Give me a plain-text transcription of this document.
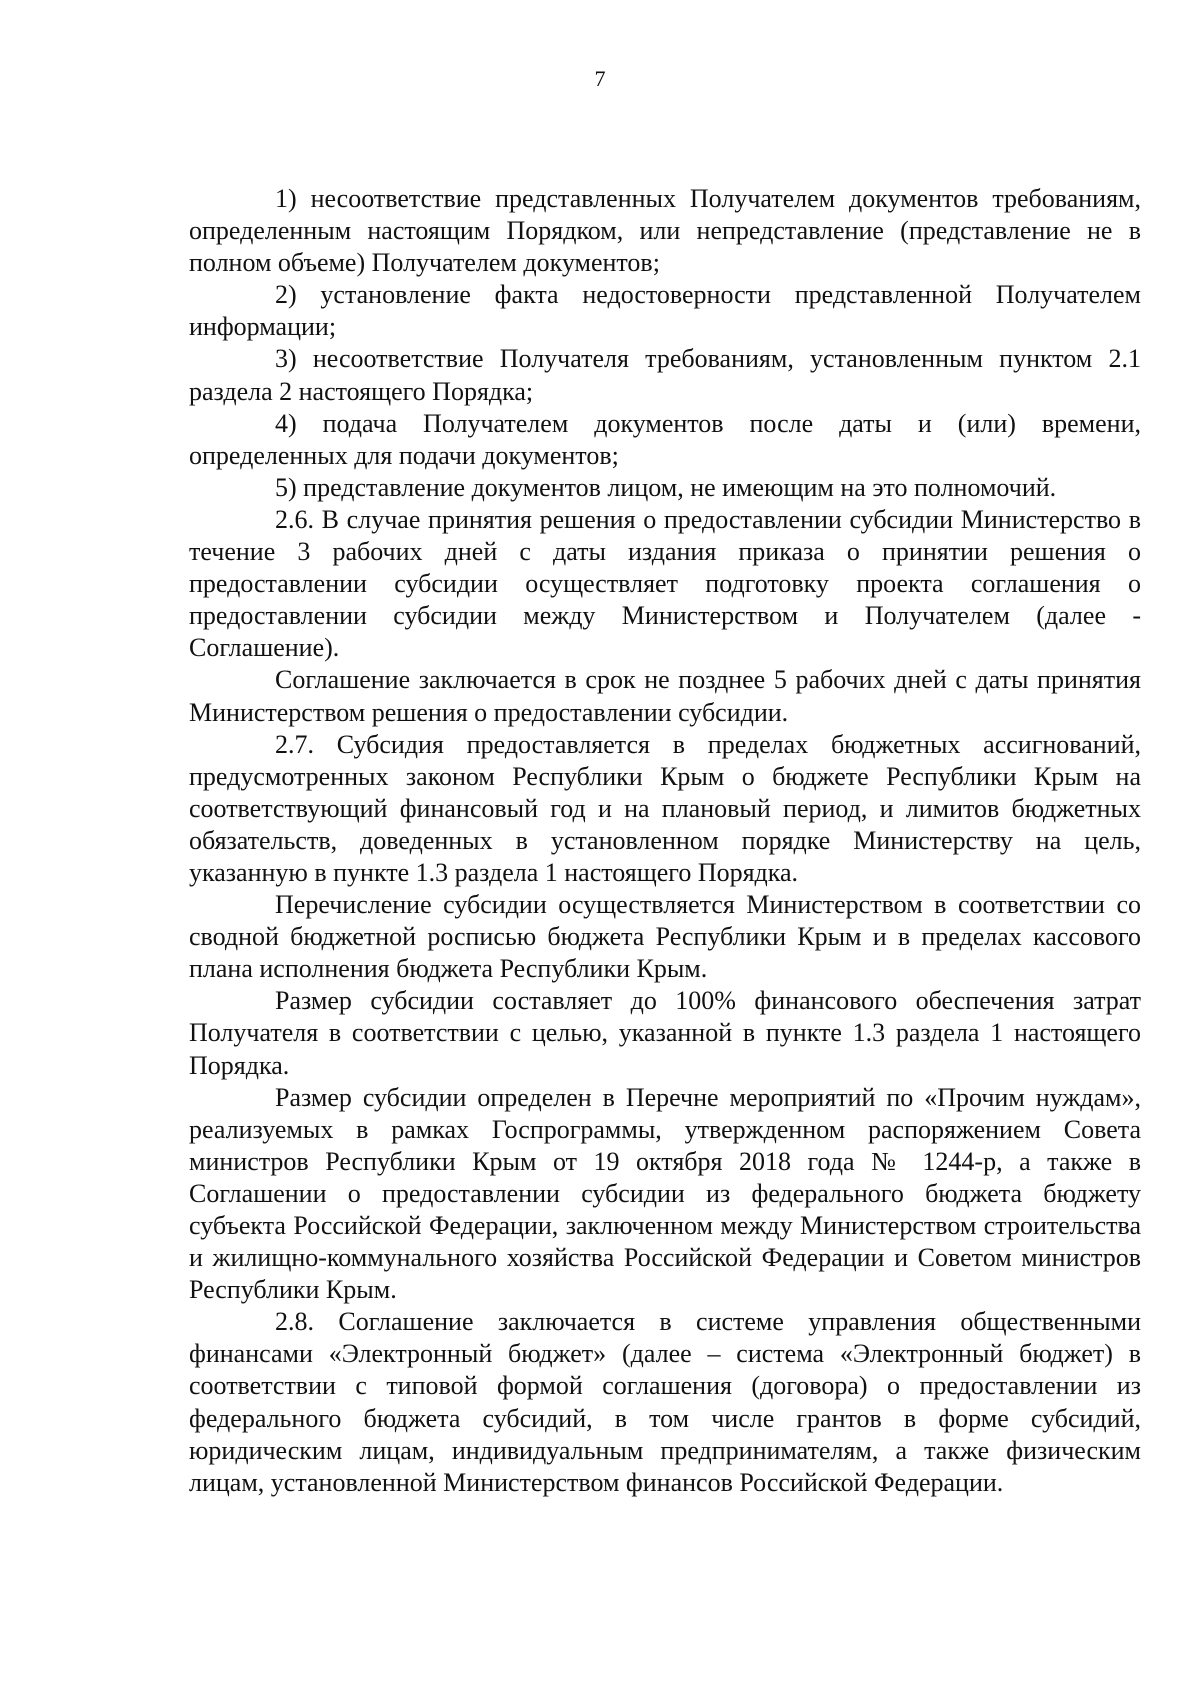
7

1) несоответствие представленных Получателем документов требованиям, определенным настоящим Порядком, или непредставление (представление не в полном объеме) Получателем документов;

2) установление факта недостоверности представленной Получателем информации;

3) несоответствие Получателя требованиям, установленным пунктом 2.1 раздела 2 настоящего Порядка;

4) подача Получателем документов после даты и (или) времени, определенных для подачи документов;

5) представление документов лицом, не имеющим на это полномочий.

2.6. В случае принятия решения о предоставлении субсидии Министерство в течение 3 рабочих дней с даты издания приказа о принятии решения о предоставлении субсидии осуществляет подготовку проекта соглашения о предоставлении субсидии между Министерством и Получателем (далее - Соглашение).

Соглашение заключается в срок не позднее 5 рабочих дней с даты принятия Министерством решения о предоставлении субсидии.

2.7. Субсидия предоставляется в пределах бюджетных ассигнований, предусмотренных законом Республики Крым о бюджете Республики Крым на соответствующий финансовый год и на плановый период, и лимитов бюджетных обязательств, доведенных в установленном порядке Министерству на цель, указанную в пункте 1.3 раздела 1 настоящего Порядка.

Перечисление субсидии осуществляется Министерством в соответствии со сводной бюджетной росписью бюджета Республики Крым и в пределах кассового плана исполнения бюджета Республики Крым.

Размер субсидии составляет до 100% финансового обеспечения затрат Получателя в соответствии с целью, указанной в пункте 1.3 раздела 1 настоящего Порядка.

Размер субсидии определен в Перечне мероприятий по «Прочим нуждам», реализуемых в рамках Госпрограммы, утвержденном распоряжением Совета министров Республики Крым от 19 октября 2018 года № 1244-р, а также в Соглашении о предоставлении субсидии из федерального бюджета бюджету субъекта Российской Федерации, заключенном между Министерством строительства и жилищно-коммунального хозяйства Российской Федерации и Советом министров Республики Крым.

2.8. Соглашение заключается в системе управления общественными финансами «Электронный бюджет» (далее – система «Электронный бюджет) в соответствии с типовой формой соглашения (договора) о предоставлении из федерального бюджета субсидий, в том числе грантов в форме субсидий, юридическим лицам, индивидуальным предпринимателям, а также физическим лицам, установленной Министерством финансов Российской Федерации.
